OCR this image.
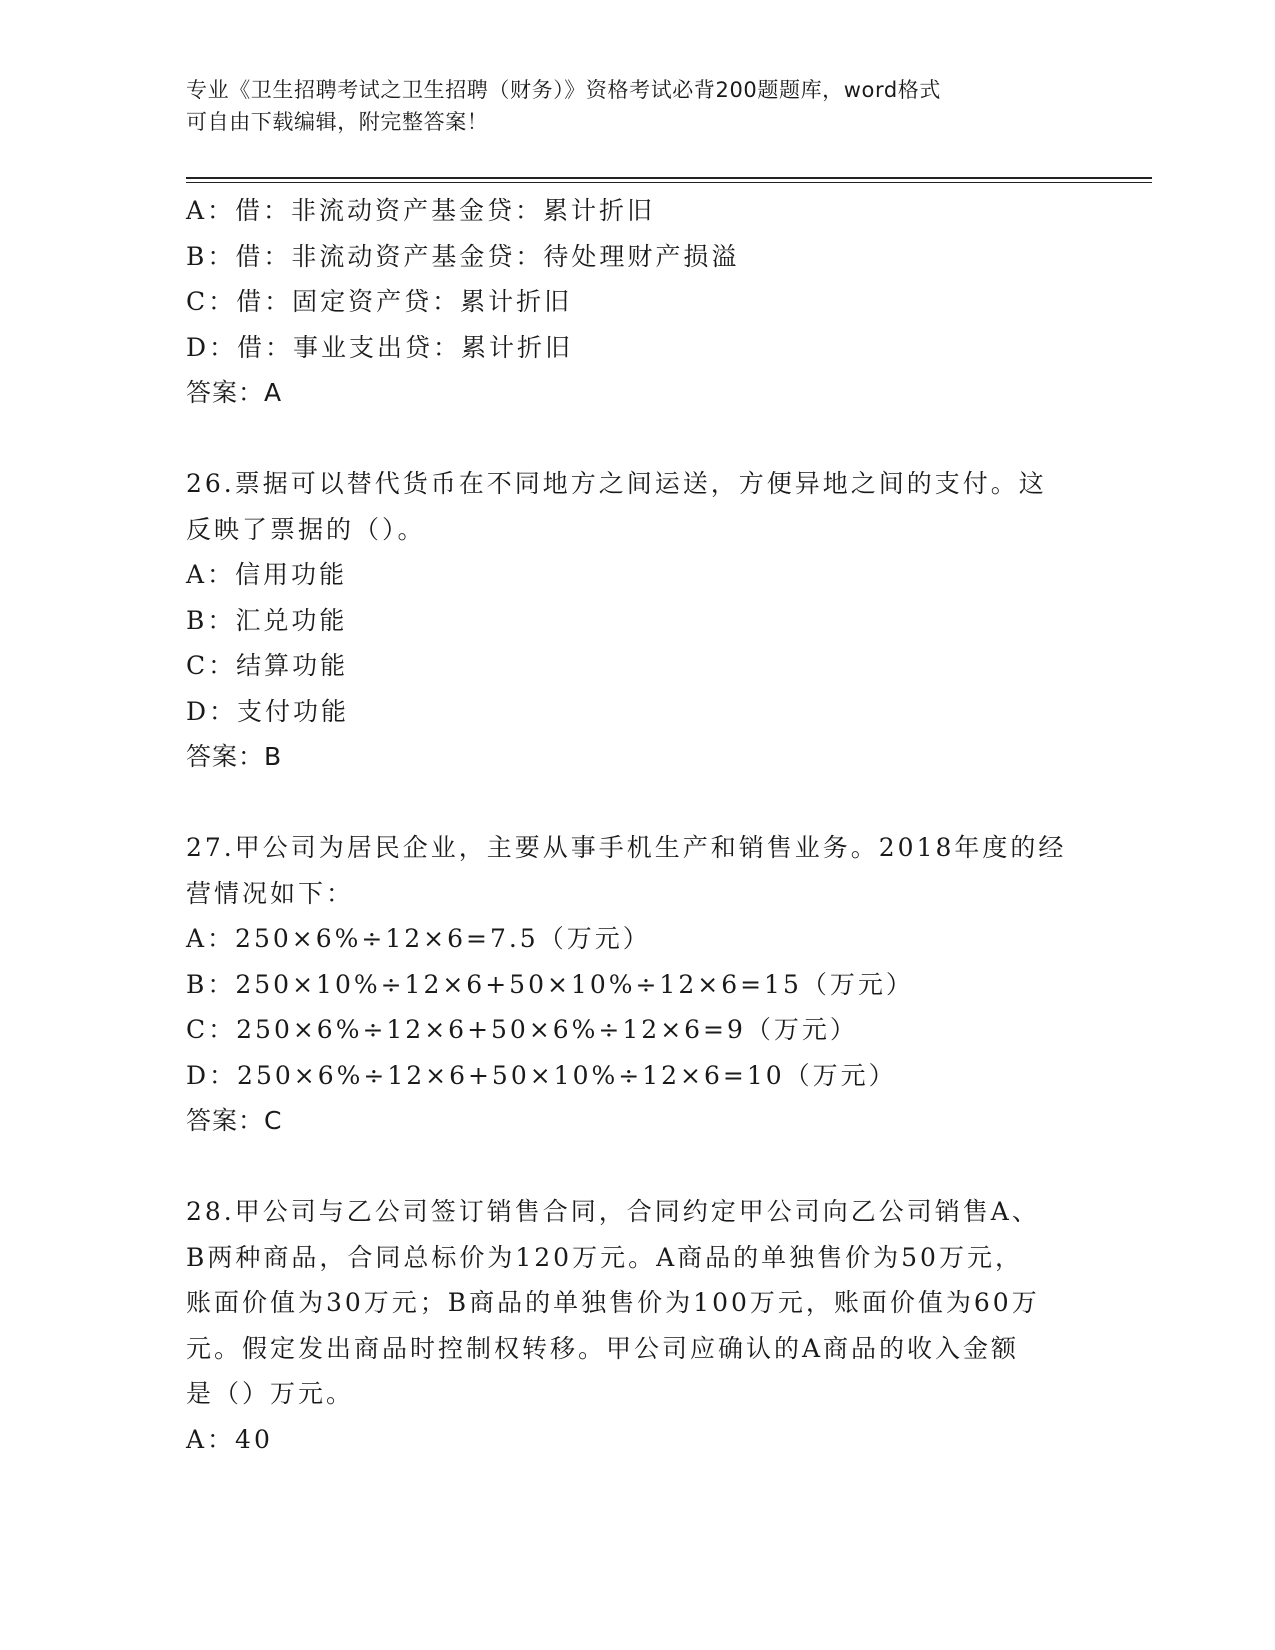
专业《卫生招聘考试之卫生招聘（财务）》资格考试必背200题题库，word格式
可自由下载编辑，附完整答案！
A：借：非流动资产基金贷：累计折旧
B：借：非流动资产基金贷：待处理财产损溢
C：借：固定资产贷：累计折旧
D：借：事业支出贷：累计折旧
答案：A
26.票据可以替代货币在不同地方之间运送，方便异地之间的支付。这
反映了票据的（）。
A：信用功能
B：汇兑功能
C：结算功能
D：支付功能
答案：B
27.甲公司为居民企业，主要从事手机生产和销售业务。2018年度的经
营情况如下：
A：250×6%÷12×6=7.5（万元）
B：250×10%÷12×6+50×10%÷12×6=15（万元）
C：250×6%÷12×6+50×6%÷12×6=9（万元）
D：250×6%÷12×6+50×10%÷12×6=10（万元）
答案：C
28.甲公司与乙公司签订销售合同，合同约定甲公司向乙公司销售A、
B两种商品，合同总标价为120万元。A商品的单独售价为50万元，
账面价值为30万元；B商品的单独售价为100万元，账面价值为60万
元。假定发出商品时控制权转移。甲公司应确认的A商品的收入金额
是（）万元。
A：40
